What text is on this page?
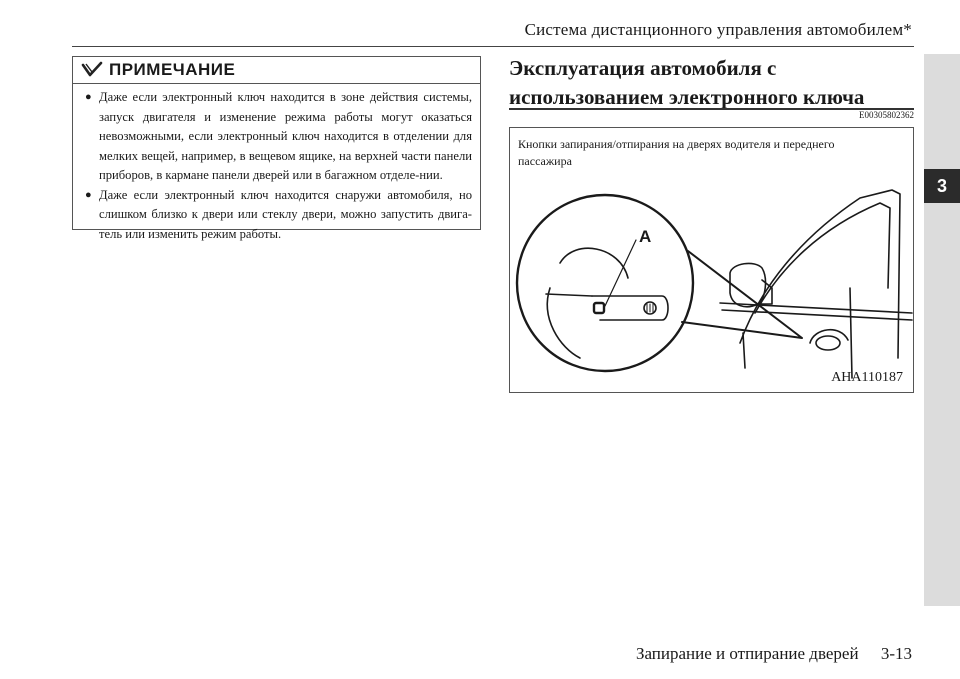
Система дистанционного управления автомобилем*
3
ПРИМЕЧАНИЕ
● Даже если электронный ключ находится в зоне действия системы, запуск двигателя и изменение режима работы могут оказаться невозможными, если электронный ключ находится в отделении для мелких вещей, например, в вещевом ящике, на верхней части панели приборов, в кармане панели дверей или в багажном отделе-нии.
● Даже если электронный ключ находится снаружи автомобиля, но слишком близко к двери или стеклу двери, можно запустить двига-тель или изменить режим работы.
Эксплуатация автомобиля с использованием электронного ключа
E00305802362
Кнопки запирания/отпирания на дверях водителя и переднего пассажира
A
AHA110187
Запирание и отпирание дверей 3-13
